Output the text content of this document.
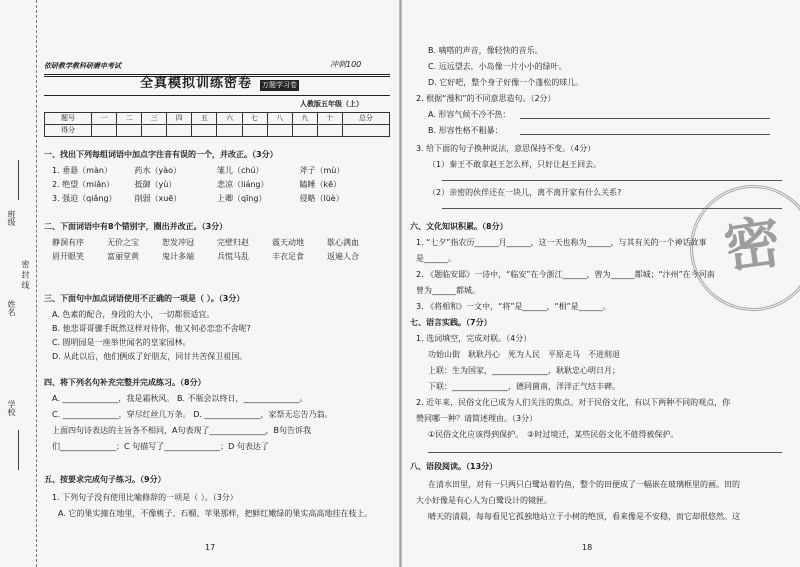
班级
姓名
密 封 线
学校
依研教学教科研磨申考试	冲刺100
全真模拟训练密卷 万题学习卷
人教版五年级（上）
题号	一	二	三	四	五	六	七	八	九	十	总分
得分											
一、找出下列每组词语中加点字注音有误的一个，并改正。（3分）
1. 垂悬（màn）	药水（yào）	雏儿（chú）	斧子（mù）
2. 绝望（miǎn）	抵御（yù）	悲凉（liáng）	瞌睡（kē）
3. 强迫（qiǎng）	削弱（xuē）	上卿（qīng）	侵略（lüè）
二、下面词语中有8个错别字，圈出并改正。（3分）
静洞有序	无价之宝	恕发冲冠	完壁归赵	震天动地	歇心满血
眉开眼笑	富丽堂黄	鬼计多端	兵慌马乱	丰衣足食	返遍人合
三、下面句中加点词语使用不正确的一项是（ ）。（3分）
A. 色素的配合，身段的大小，一切都很适宜。
B. 他悲哥哥骤手既然这样对待你，他又何必恋恋不舍呢?
C. 圆明园是一座举世闻名的皇家园林。
D. 从此以后，他们俩成了好朋友，同甘共苦保卫祖国。
四、将下列名句补充完整并完成练习。（8分）
A. ______________，我是霜秋风。 B. 不瓶会以终日，______________。
C. ______________，穿尽红丝几万条。 D. ______________，家祭无忘告乃翁。
上面四句诗表达的主旨各不相同，A句表现了______________，B句告诉我
们______________；C 句描写了______________；D 句表达了
五、按要求完成句子练习。（9分）
1. 下列句子没有使用比喻修辞的一项是（ ）。（3分）
A. 它的果实撞在地里，不像桃子、石榴、苹果那样，把鲜红嫩绿的果实高高地挂在枝上。
17
B. 嘀嗒的声音，像轻快的音乐。
C. 远远望去，小岛像一片小小的绿叶。
D. 它好吧，整个身子好像一个蓬松的球儿。
2. 根据“漫和”的不同意思造句。（2分）
A. 形容气候不冷不热：
B. 形容性格不粗暴：
3. 给下面的句子换种说法，意思保持不变。（4分）
（1）秦王不敢拿赵王怎么样，只好让赵王回去。
（2）亲密的伙伴还在一块儿，离不离开家有什么关系?
六、文化知识积累。（8分）
1. “七夕”指农历______月______，这一天也称为______，与其有关的一个神话故事
是______。
2. 《题临安邸》一诗中，“临安”在今浙江______，曾为______都城；“汴州”在今河南
曾为______都城。
3. 《将相和》一文中，“将”是______，“相”是______。
七、语言实践。（7分）
1. 选词填空，完成对联。（4分）
功始山街　耿耿丹心　死为人民　平原走马　不进则退
上联：生为国家，______________，耿耿忠心明日月；
下联：______________，德同菌南，洋洋正气结丰碑。
2. 近年来，民俗文化已成为人们关注的焦点。对于民俗文化，有以下两种不同的观点，你
赞同哪一种？请简述理由。（3分）
①民俗文化应该得到保护。　②时过境迁，某些民俗文化不值得被保护。
八、语段阅读。（13分）
在清水田里，对有一只两只白鹭站着钓鱼，整个的田便成了一幅嵌在玻璃框里的画。田的
大小好像是有心人为白鹭设计的镜匣。
晴天的清晨，每每看见它孤独地站立于小树的绝顶，看来像是不安稳，而它却很悠然。这
18
密
